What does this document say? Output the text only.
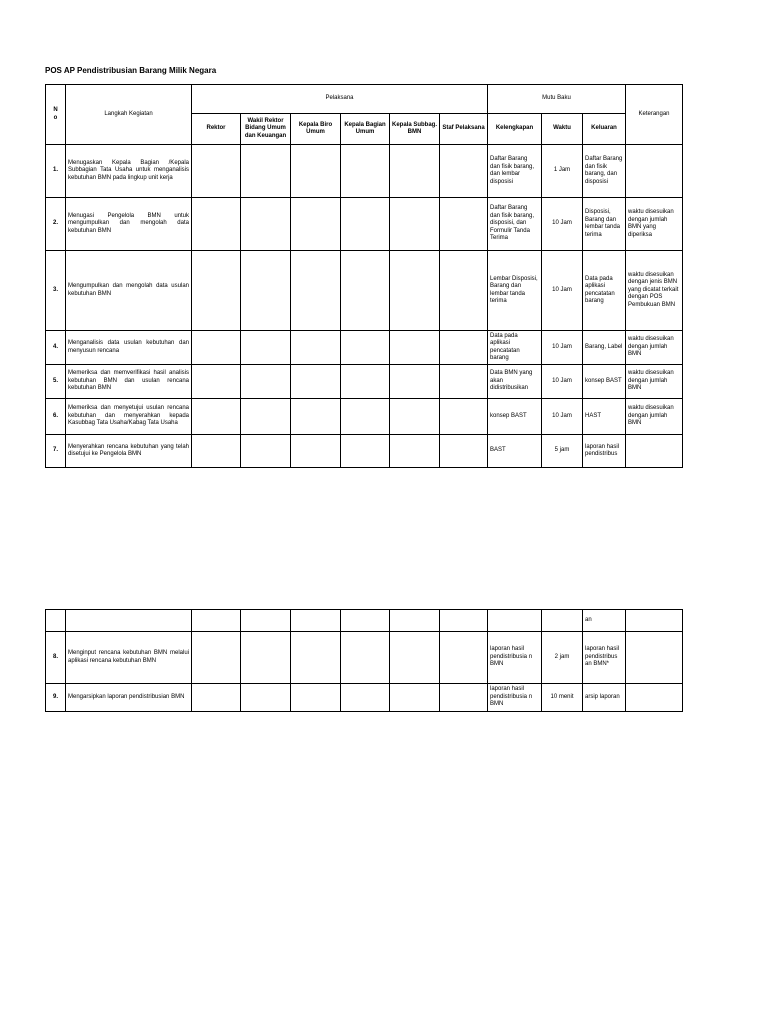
POS AP Pendistribusian Barang Milik Negara
N
o	Langkah Kegiatan	Pelaksana						Mutu Baku			Keterangan
		Rektor	Wakil Rektor Bidang Umum dan Keuangan	Kepala Biro Umum	Kepala Bagian Umum	Kepala Subbag. BMN	Staf Pelaksana	Kelengkapan	Waktu	Keluaran	
1.	Menugaskan Kepala Bagian /Kepala Subbagian Tata Usaha untuk menganalisis kebutuhan BMN pada lingkup unit kerja							Daftar Barang dan fisik barang, dan lembar disposisi	1 Jam	Daftar Barang dan fisik barang, dan disposisi	
2.	Menugasi Pengelola BMN untuk mengumpulkan dan mengolah data kebutuhan BMN							Daftar Barang dan fisik barang, disposisi, dan Formulir Tanda Terima	10 Jam	Disposisi, Barang dan lembar tanda terima	waktu disesuikan dengan jumlah BMN yang diperiksa
3.	Mengumpulkan dan mengolah data usulan kebutuhan BMN							Lembar Disposisi, Barang dan lembar tanda terima	10 Jam	Data pada aplikasi pencatatan barang	waktu disesuikan dengan jenis BMN yang dicatat terkait dengan POS Pembukuan BMN
4.	Menganalisis data usulan kebutuhan dan menyusun rencana							Data pada aplikasi pencatatan barang	10 Jam	Barang, Label	waktu disesuikan dengan jumlah BMN
5.	Memeriksa dan memverifikasi hasil analisis kebutuhan BMN dan usulan rencana kebutuhan BMN							Data BMN yang akan didistribusikan	10 Jam	konsep BAST	waktu disesuikan dengan jumlah BMN
6.	Memeriksa dan menyetujui usulan rencana kebutuhan dan menyerahkan kepada Kasubbag Tata Usaha/Kabag Tata Usaha							konsep BAST	10 Jam	HAST	waktu disesuikan dengan jumlah BMN
7.	Menyerahkan rencana kebutuhan yang telah disetujui ke Pengelola BMN							BAST	5 jam	laporan hasil pendistribus	
										an	
8.	Menginput rencana kebutuhan BMN melalui aplikasi rencana kebutuhan BMN							laporan hasil pendistribusia n BMN	2 jam	laporan hasil pendistribus an BMN*	
9.	Mengarsipkan laporan pendistribusian BMN							laporan hasil pendistribusia n BMN	10 menit	arsip laporan	
